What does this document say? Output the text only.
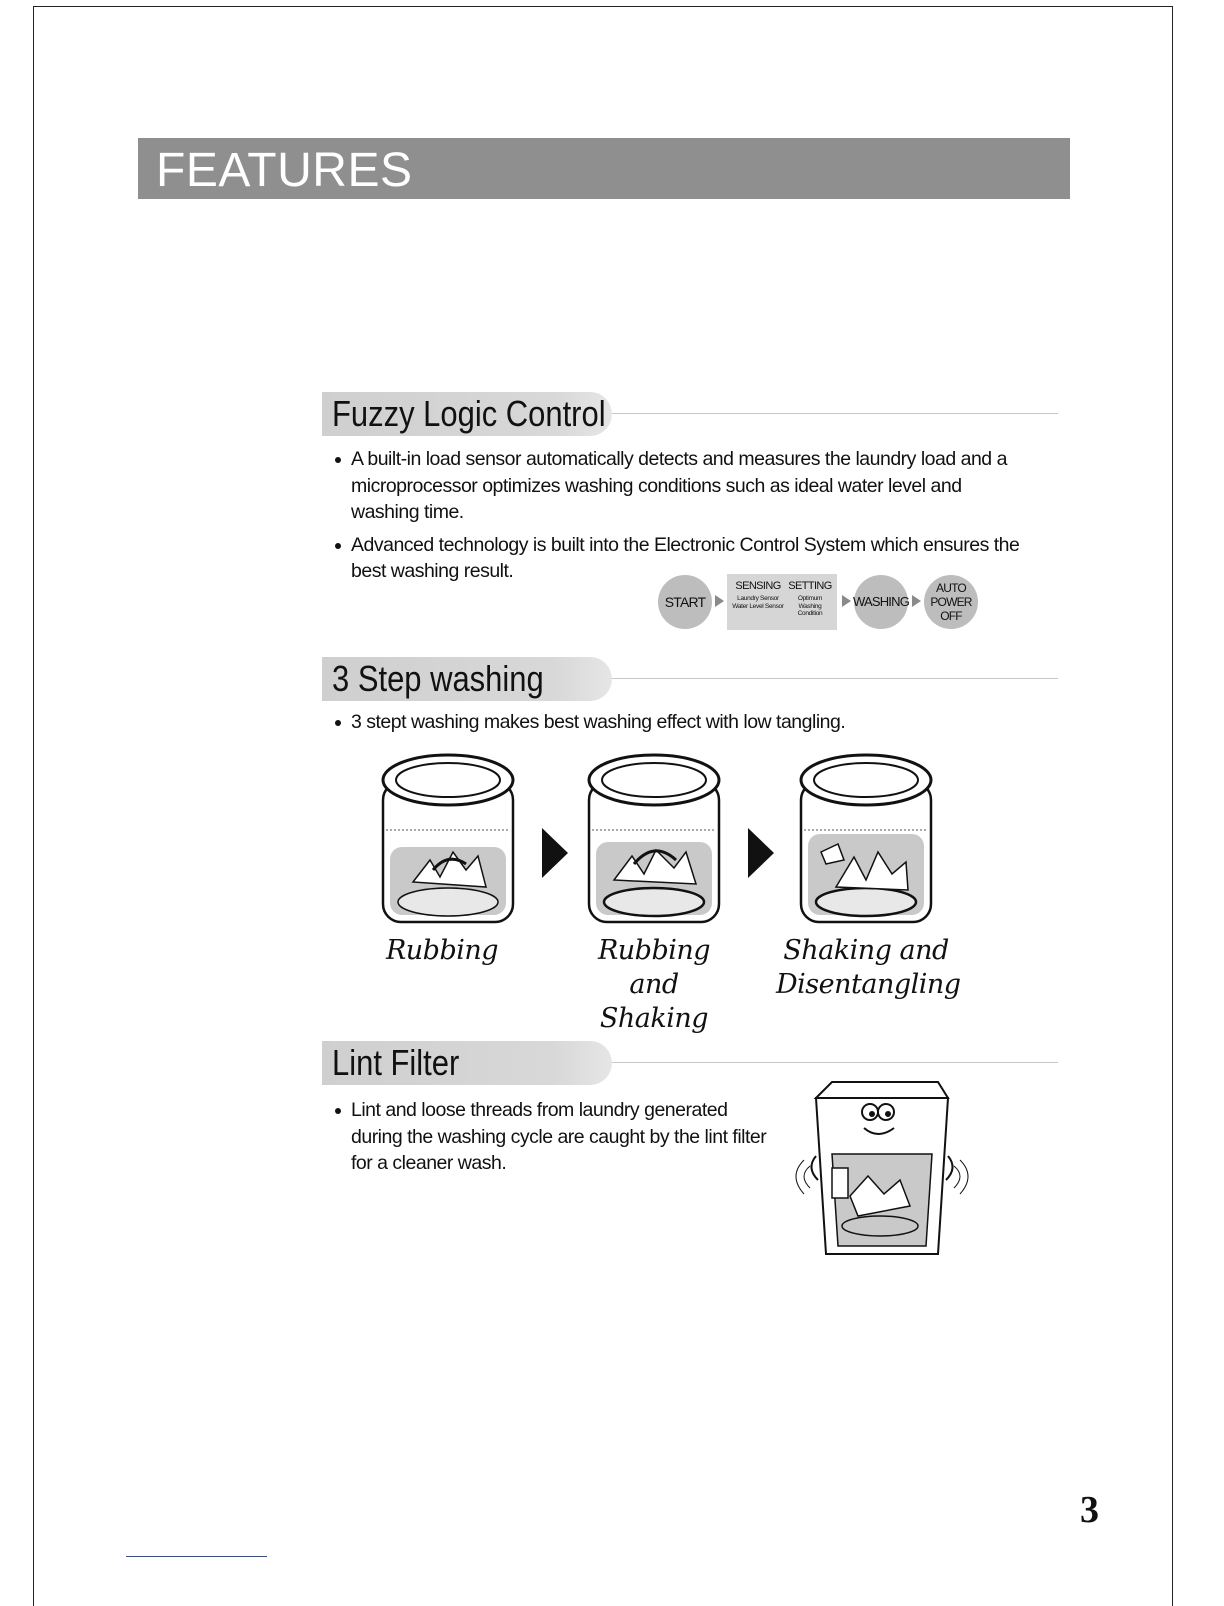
FEATURES
Fuzzy Logic Control
A built-in load sensor automatically detects and measures the laundry load and a microprocessor optimizes washing conditions such as ideal water level and washing time.
Advanced technology is built into the Electronic Control System which ensures the best washing result.
START
SENSING
Laundry Sensor Water Level Sensor
SETTING
Optimum Washing Condition
WASHING
AUTO POWER OFF
3 Step washing
3 stept washing makes best washing effect with low tangling.
Rubbing	Rubbing and Shaking
Shaking and Disentangling
Lint Filter
Lint and loose threads from laundry generated during the washing cycle are caught by the lint filter for a cleaner wash.
3
